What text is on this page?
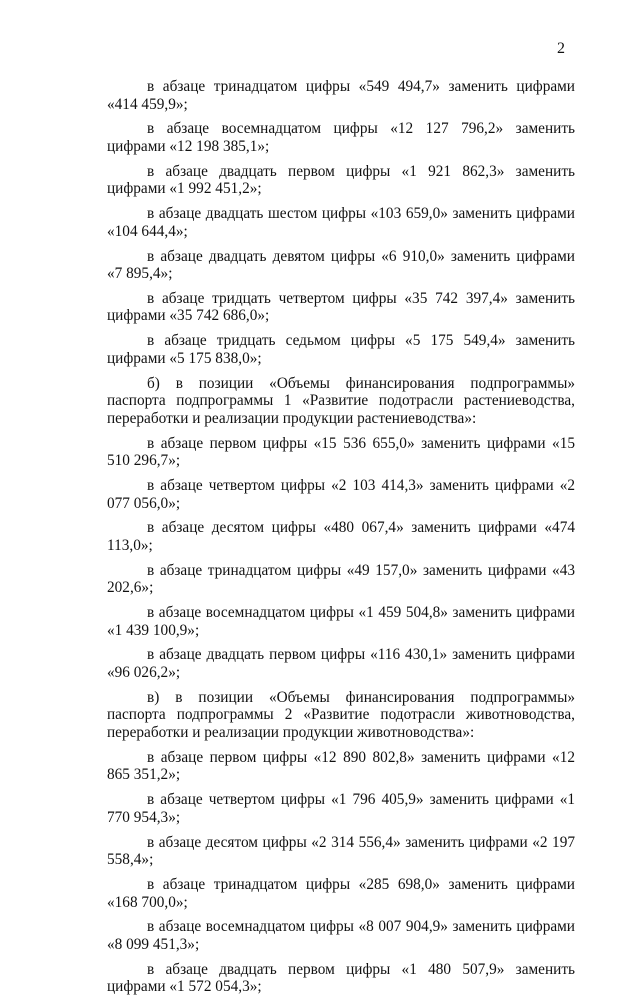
2

в абзаце тринадцатом цифры «549 494,7» заменить цифрами «414 459,9»;

в абзаце восемнадцатом цифры «12 127 796,2» заменить цифрами «12 198 385,1»;

в абзаце двадцать первом цифры «1 921 862,3» заменить цифрами «1 992 451,2»;

в абзаце двадцать шестом цифры «103 659,0» заменить цифрами «104 644,4»;

в абзаце двадцать девятом цифры «6 910,0» заменить цифрами «7 895,4»;

в абзаце тридцать четвертом цифры «35 742 397,4» заменить цифрами «35 742 686,0»;

в абзаце тридцать седьмом цифры «5 175 549,4» заменить цифрами «5 175 838,0»;

б) в позиции «Объемы финансирования подпрограммы» паспорта подпрограммы 1 «Развитие подотрасли растениеводства, переработки и реализации продукции растениеводства»:

в абзаце первом цифры «15 536 655,0» заменить цифрами «15 510 296,7»;

в абзаце четвертом цифры «2 103 414,3» заменить цифрами «2 077 056,0»;

в абзаце десятом цифры «480 067,4» заменить цифрами «474 113,0»;

в абзаце тринадцатом цифры «49 157,0» заменить цифрами «43 202,6»;

в абзаце восемнадцатом цифры «1 459 504,8» заменить цифрами «1 439 100,9»;

в абзаце двадцать первом цифры «116 430,1» заменить цифрами «96 026,2»;

в) в позиции «Объемы финансирования подпрограммы» паспорта подпрограммы 2 «Развитие подотрасли животноводства, переработки и реализации продукции животноводства»:

в абзаце первом цифры «12 890 802,8» заменить цифрами «12 865 351,2»;

в абзаце четвертом цифры «1 796 405,9» заменить цифрами «1 770 954,3»;

в абзаце десятом цифры «2 314 556,4» заменить цифрами «2 197 558,4»;

в абзаце тринадцатом цифры «285 698,0» заменить цифрами «168 700,0»;

в абзаце восемнадцатом цифры «8 007 904,9» заменить цифрами «8 099 451,3»;

в абзаце двадцать первом цифры «1 480 507,9» заменить цифрами «1 572 054,3»;
